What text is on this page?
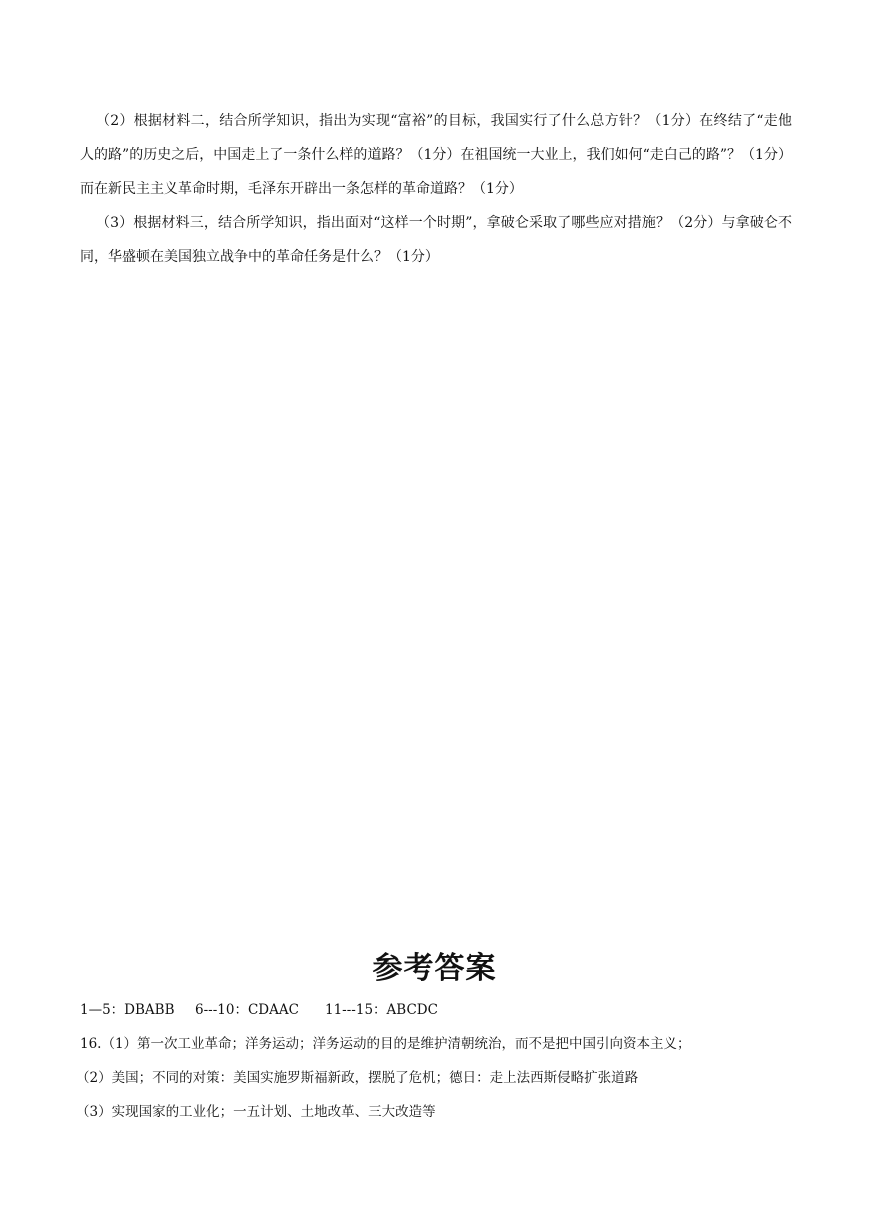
（2）根据材料二，结合所学知识，指出为实现“富裕”的目标，我国实行了什么总方针？（1分）在终结了“走他人的路”的历史之后，中国走上了一条什么样的道路？（1分）在祖国统一大业上，我们如何“走白己的路”？（1分）而在新民主主义革命时期，毛泽东开辟出一条怎样的革命道路？（1分）

（3）根据材料三，结合所学知识，指出面对“这样一个时期”，拿破仑采取了哪些应对措施？（2分）与拿破仑不同，华盛顿在美国独立战争中的革命任务是什么？（1分）

参考答案

1—5：DBABB 6---10：CDAAC 11---15：ABCDC

16.（1）第一次工业革命；洋务运动；洋务运动的目的是维护清朝统治，而不是把中国引向资本主义；

（2）美国；不同的对策：美国实施罗斯福新政，摆脱了危机；德日：走上法西斯侵略扩张道路

（3）实现国家的工业化；一五计划、土地改革、三大改造等
